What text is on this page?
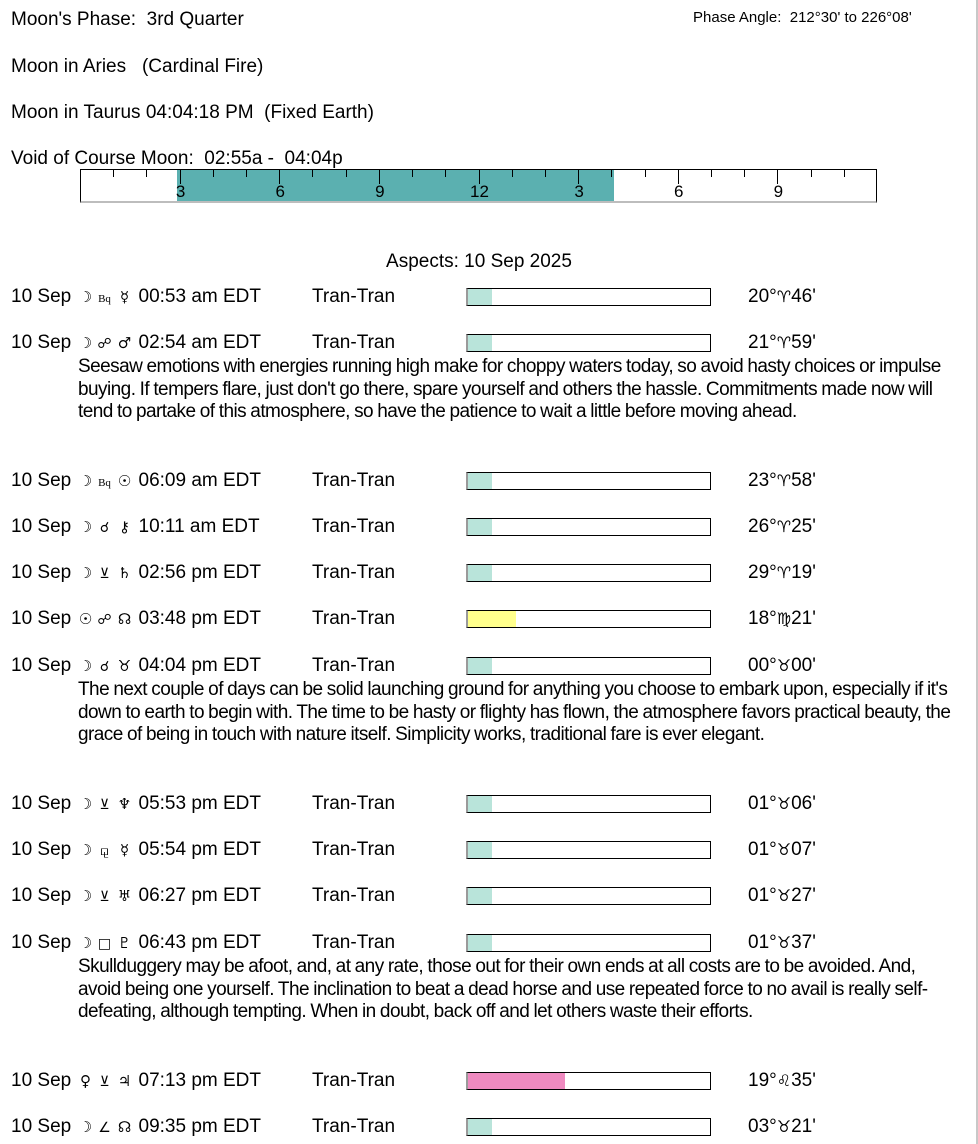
Moon's Phase:  3rd Quarter	Phase Angle:  212°30' to 226°08'
Moon in Aries   (Cardinal Fire)
Moon in Taurus 04:04:18 PM  (Fixed Earth)
Void of Course Moon:  02:55a -  04:04p
3	6	9	12	3	6	9
Aspects: 10 Sep 2025
10 Sep ☽ Bq ☿ 00:53 am EDT	Tran-Tran	20°♈46'
10 Sep ☽ ☍ ♂ 02:54 am EDT	Tran-Tran	21°♈59'
Seesaw emotions with energies running high make for choppy waters today, so avoid hasty choices or impulse buying. If tempers flare, just don't go there, spare yourself and others the hassle. Commitments made now will tend to partake of this atmosphere, so have the patience to wait a little before moving ahead.
10 Sep ☽ Bq ☉ 06:09 am EDT	Tran-Tran	23°♈58'
10 Sep ☽ ☌ ⚷ 10:11 am EDT	Tran-Tran	26°♈25'
10 Sep ☽ ⊻ ♄ 02:56 pm EDT	Tran-Tran	29°♈19'
10 Sep ☉ ☍ ☊ 03:48 pm EDT	Tran-Tran	18°♍21'
10 Sep ☽ ☌ ♉ 04:04 pm EDT	Tran-Tran	00°♉00'
The next couple of days can be solid launching ground for anything you choose to embark upon, especially if it's down to earth to begin with. The time to be hasty or flighty has flown, the atmosphere favors practical beauty, the grace of being in touch with nature itself. Simplicity works, traditional fare is ever elegant.
10 Sep ☽ ⊻ ♆ 05:53 pm EDT	Tran-Tran	01°♉06'
10 Sep ☽ ⚼ ☿ 05:54 pm EDT	Tran-Tran	01°♉07'
10 Sep ☽ ⊻ ♅ 06:27 pm EDT	Tran-Tran	01°♉27'
10 Sep ☽ □ ♇ 06:43 pm EDT	Tran-Tran	01°♉37'
Skullduggery may be afoot, and, at any rate, those out for their own ends at all costs are to be avoided. And, avoid being one yourself. The inclination to beat a dead horse and use repeated force to no avail is really self-defeating, although tempting. When in doubt, back off and let others waste their efforts.
10 Sep ♀ ⊻ ♃ 07:13 pm EDT	Tran-Tran	19°♌35'
10 Sep ☽ ∠ ☊ 09:35 pm EDT	Tran-Tran	03°♉21'
